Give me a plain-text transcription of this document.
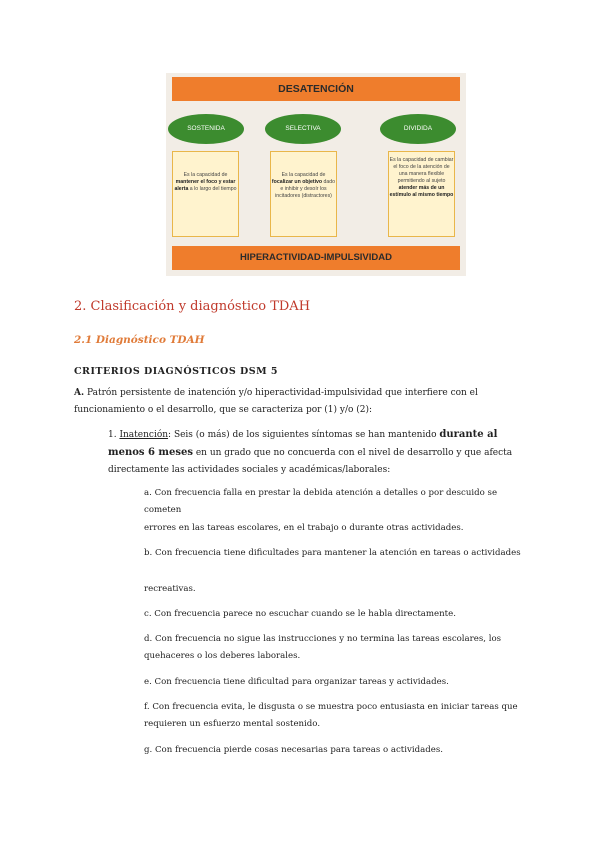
DESATENCIÓN
SOSTENIDA	SELECTIVA	DIVIDIDA
Es la capacidad de mantener el foco y estar alerta a lo largo del tiempo
Es la capacidad de focalizar un objetivo dado e inhibir y desoír los incitadores (distractores)
Es la capacidad de cambiar el foco de la atención de una manera flexible permitiendo al sujeto atender más de un estímulo al mismo tiempo
HIPERACTIVIDAD-IMPULSIVIDAD
2. Clasificación y diagnóstico TDAH
2.1 Diagnóstico TDAH
CRITERIOS DIAGNÓSTICOS DSM 5
A. Patrón persistente de inatención y/o hiperactividad-impulsividad que interfiere con el funcionamiento o el desarrollo, que se caracteriza por (1) y/o (2):
1. Inatención: Seis (o más) de los siguientes síntomas se han mantenido durante al menos 6 meses en un grado que no concuerda con el nivel de desarrollo y que afecta directamente las actividades sociales y académicas/laborales:
a. Con frecuencia falla en prestar la debida atención a detalles o por descuido se cometen
errores en las tareas escolares, en el trabajo o durante otras actividades.
b. Con frecuencia tiene dificultades para mantener la atención en tareas o actividades
recreativas.
c. Con frecuencia parece no escuchar cuando se le habla directamente.
d. Con frecuencia no sigue las instrucciones y no termina las tareas escolares, los quehaceres o los deberes laborales.
e. Con frecuencia tiene dificultad para organizar tareas y actividades.
f. Con frecuencia evita, le disgusta o se muestra poco entusiasta en iniciar tareas que requieren un esfuerzo mental sostenido.
g. Con frecuencia pierde cosas necesarias para tareas o actividades.
